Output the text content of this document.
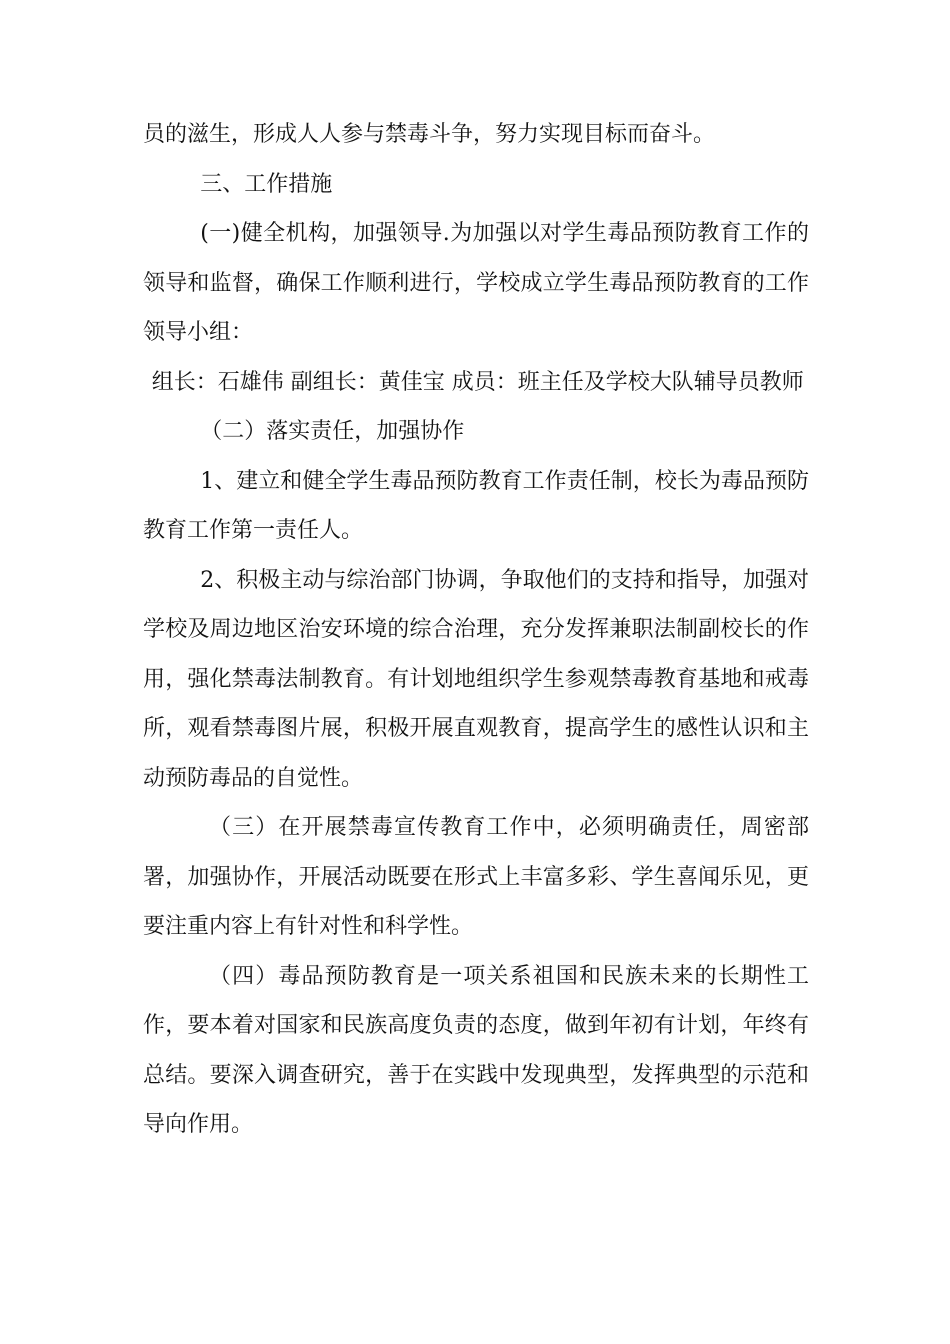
员的滋生，形成人人参与禁毒斗争，努力实现目标而奋斗。

三、工作措施

(一)健全机构，加强领导.为加强以对学生毒品预防教育工作的领导和监督，确保工作顺利进行，学校成立学生毒品预防教育的工作领导小组：

组长：石雄伟 副组长：黄佳宝 成员：班主任及学校大队辅导员教师

（二）落实责任，加强协作

1、建立和健全学生毒品预防教育工作责任制，校长为毒品预防教育工作第一责任人。

2、积极主动与综治部门协调，争取他们的支持和指导，加强对学校及周边地区治安环境的综合治理，充分发挥兼职法制副校长的作用，强化禁毒法制教育。有计划地组织学生参观禁毒教育基地和戒毒所，观看禁毒图片展，积极开展直观教育，提高学生的感性认识和主动预防毒品的自觉性。

（三）在开展禁毒宣传教育工作中，必须明确责任，周密部署，加强协作，开展活动既要在形式上丰富多彩、学生喜闻乐见，更要注重内容上有针对性和科学性。

（四）毒品预防教育是一项关系祖国和民族未来的长期性工作，要本着对国家和民族高度负责的态度，做到年初有计划，年终有总结。要深入调查研究，善于在实践中发现典型，发挥典型的示范和导向作用。
